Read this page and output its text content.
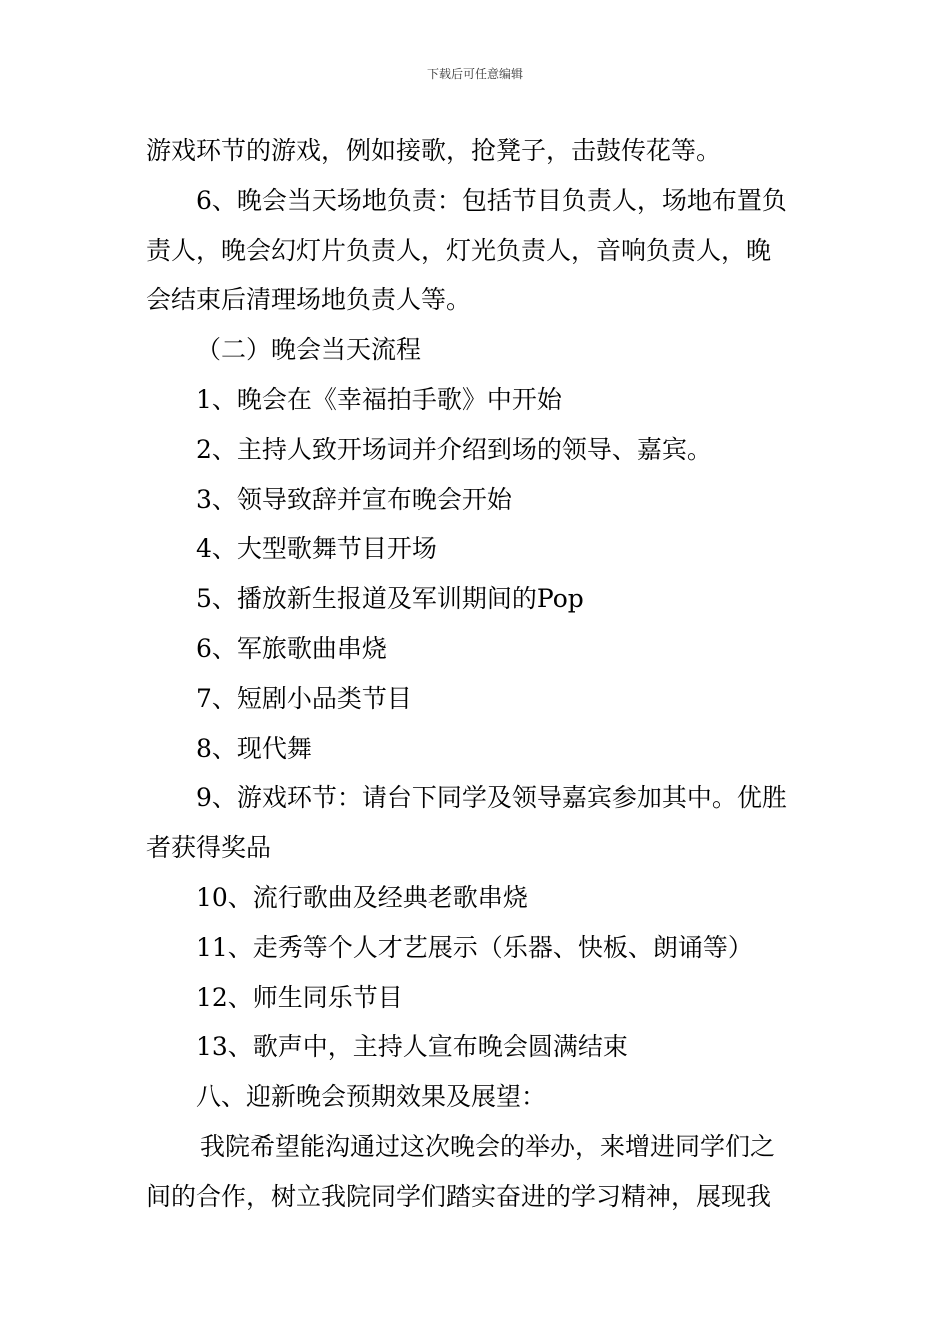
下载后可任意编辑

游戏环节的游戏，例如接歌，抢凳子，击鼓传花等。

6、晚会当天场地负责：包括节目负责人，场地布置负

责人，晚会幻灯片负责人，灯光负责人，音响负责人，晚

会结束后清理场地负责人等。

（二）晚会当天流程

1、晚会在《幸福拍手歌》中开始

2、主持人致开场词并介绍到场的领导、嘉宾。

3、领导致辞并宣布晚会开始

4、大型歌舞节目开场

5、播放新生报道及军训期间的Pop

6、军旅歌曲串烧

7、短剧小品类节目

8、现代舞

9、游戏环节：请台下同学及领导嘉宾参加其中。优胜

者获得奖品

10、流行歌曲及经典老歌串烧

11、走秀等个人才艺展示（乐器、快板、朗诵等）

12、师生同乐节目

13、歌声中，主持人宣布晚会圆满结束

八、迎新晚会预期效果及展望：

我院希望能沟通过这次晚会的举办，来增进同学们之

间的合作，树立我院同学们踏实奋进的学习精神，展现我
